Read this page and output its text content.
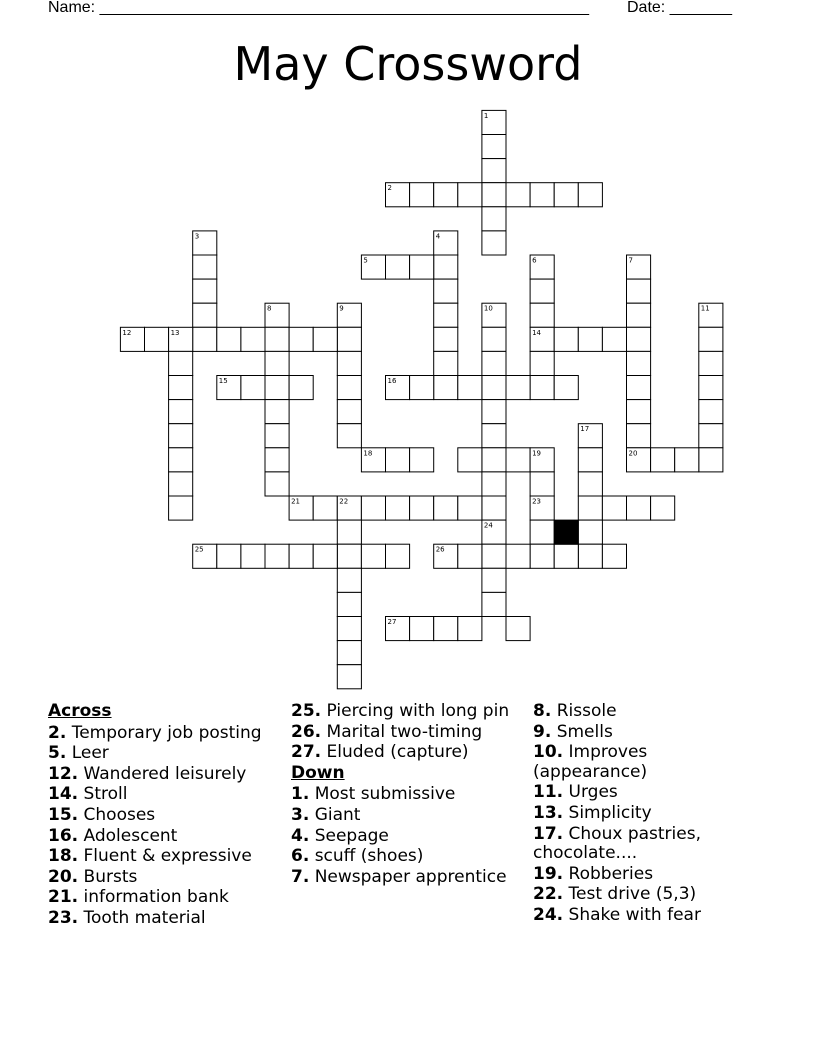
Name: _______________________________________________________ Date: _______
May Crossword
1
2
3	4
5	6	7
8	9	10	11
12	13	14
15	16
17
18	19	20
21	22	23
24
25	26
27
Across
2. Temporary job posting
5. Leer
12. Wandered leisurely
14. Stroll
15. Chooses
16. Adolescent
18. Fluent & expressive
20. Bursts
21. information bank
23. Tooth material
25. Piercing with long pin
26. Marital two-timing
27. Eluded (capture)
Down
1. Most submissive
3. Giant
4. Seepage
6. scuff (shoes)
7. Newspaper apprentice
8. Rissole
9. Smells
10. Improves (appearance)
11. Urges
13. Simplicity
17. Choux pastries, chocolate....
19. Robberies
22. Test drive (5,3)
24. Shake with fear
